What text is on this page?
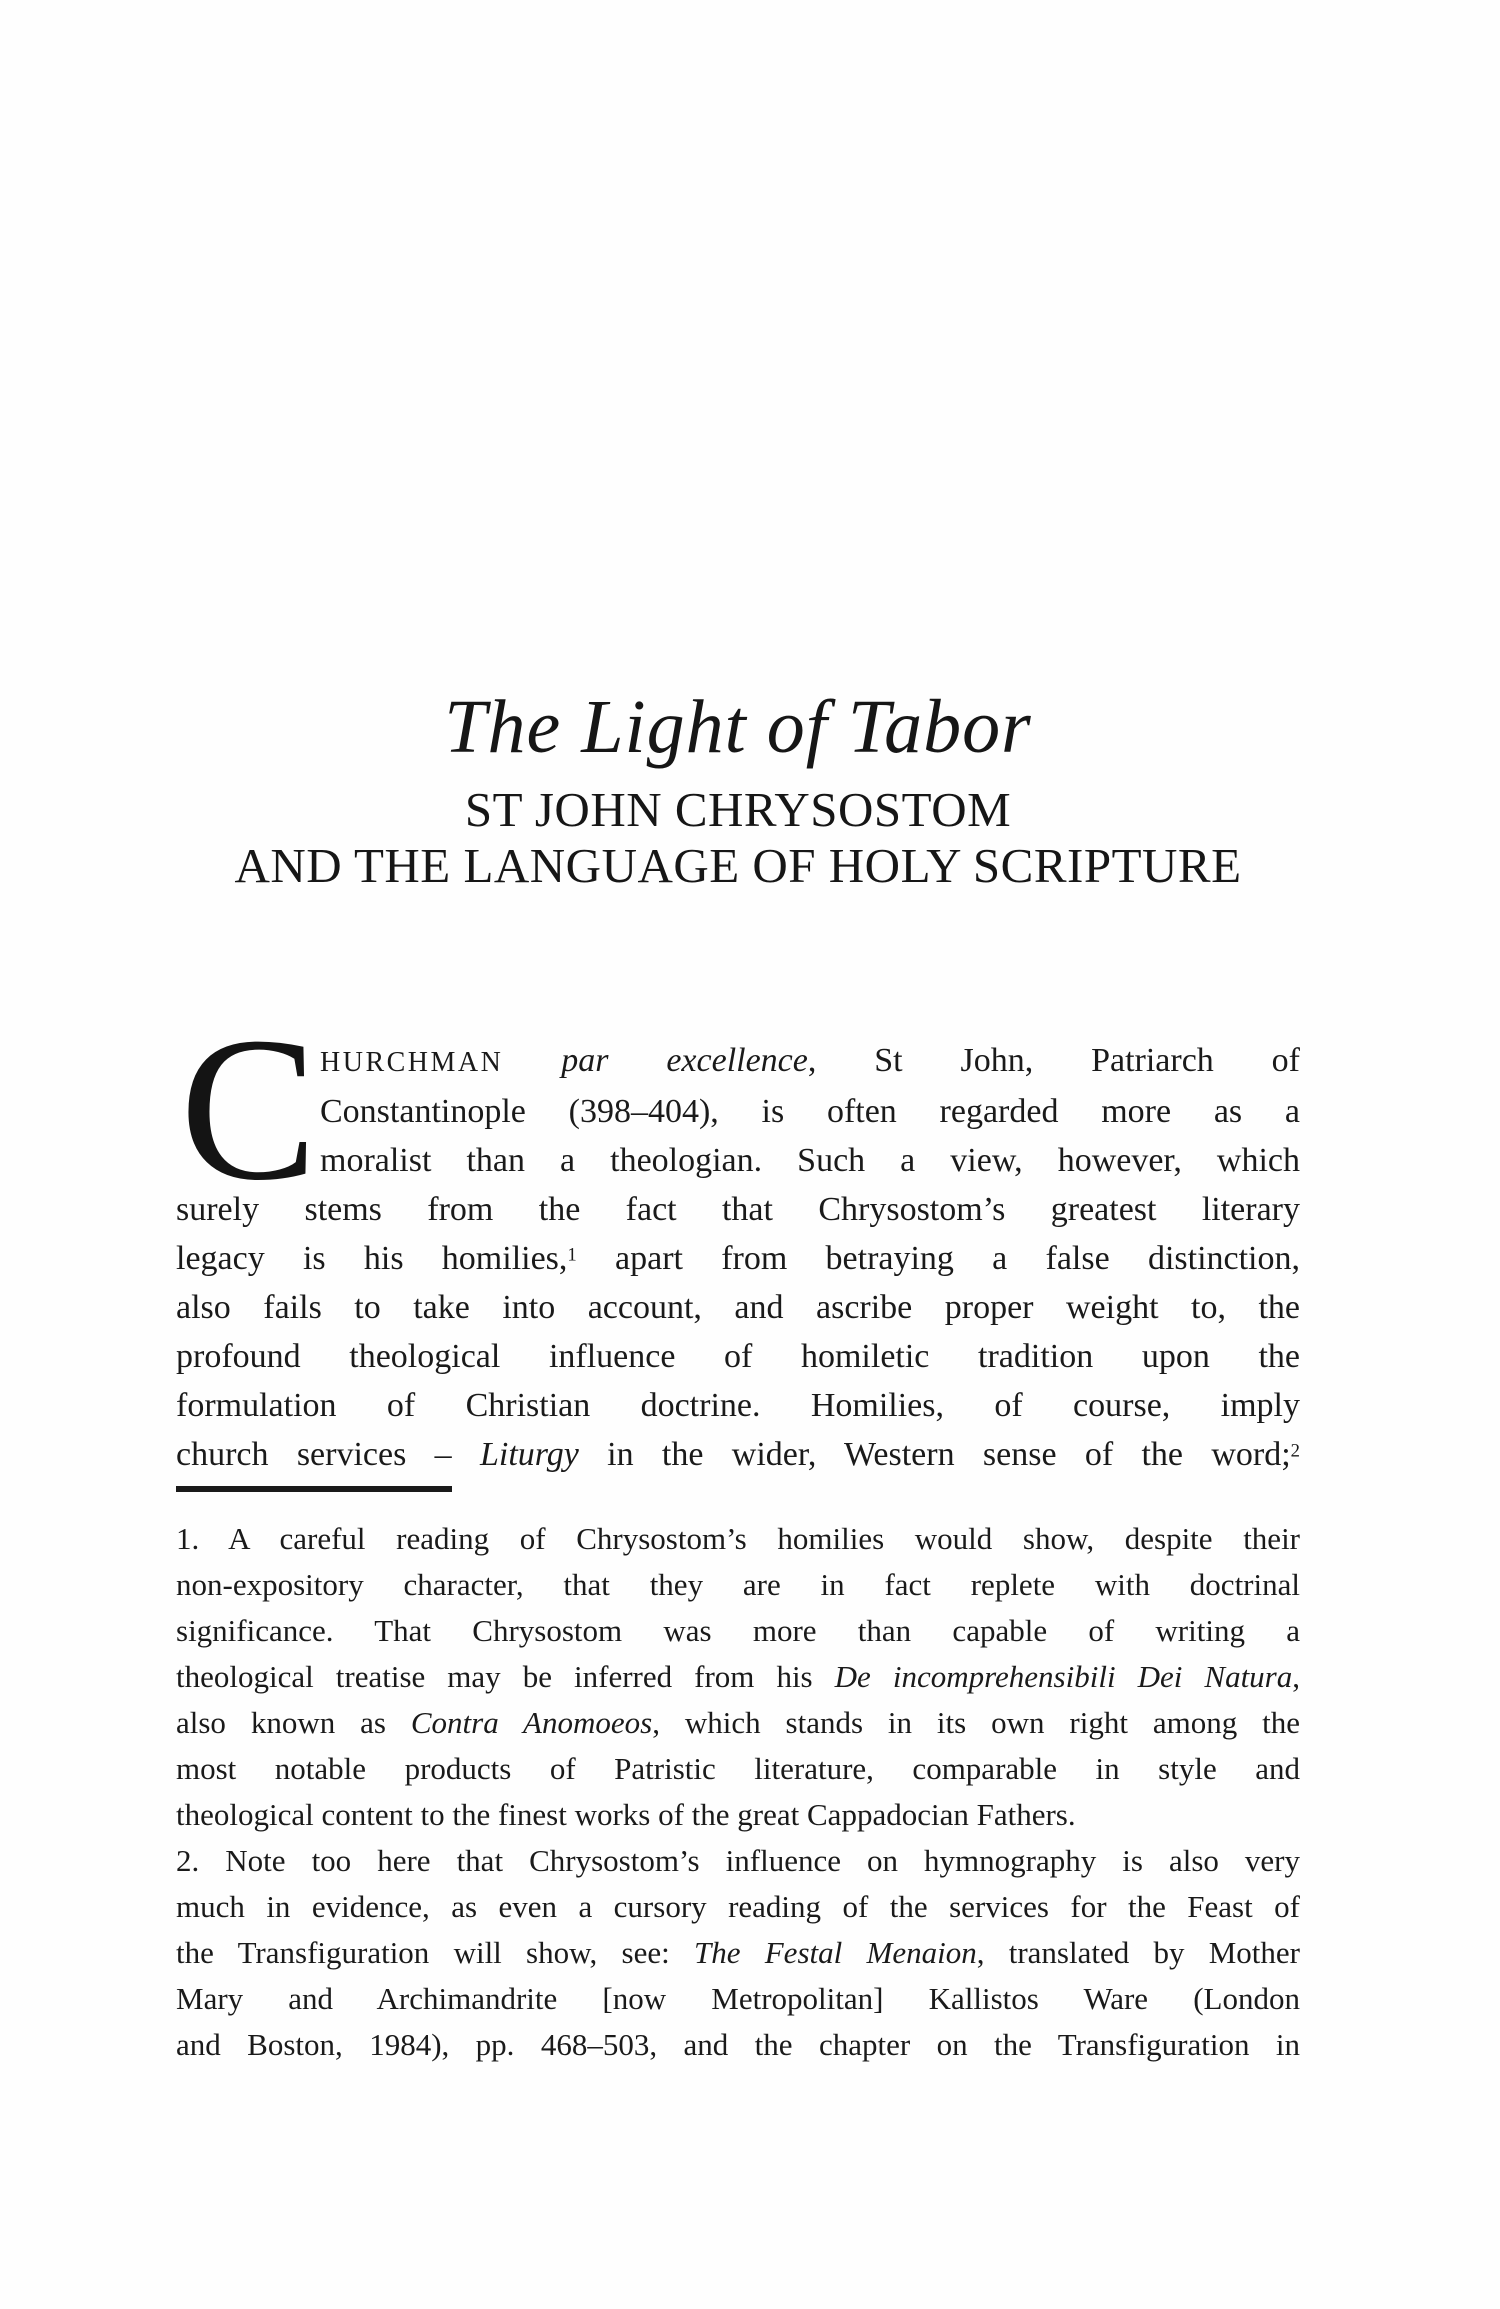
The Light of Tabor
ST JOHN CHRYSOSTOM
AND THE LANGUAGE OF HOLY SCRIPTURE
C HURCHMAN par excellence, St John, Patriarch of
Constantinople (398–404), is often regarded more as a
moralist than a theologian. Such a view, however, which
surely stems from the fact that Chrysostom’s greatest literary
legacy is his homilies,$^1$ apart from betraying a false distinction,
also fails to take into account, and ascribe proper weight to, the
profound theological influence of homiletic tradition upon the
formulation of Christian doctrine. Homilies, of course, imply
church services – Liturgy in the wider, Western sense of the word;$^2$
1. A careful reading of Chrysostom’s homilies would show, despite their
non-expository character, that they are in fact replete with doctrinal
significance. That Chrysostom was more than capable of writing a
theological treatise may be inferred from his De incomprehensibili Dei Natura,
also known as Contra Anomoeos, which stands in its own right among the
most notable products of Patristic literature, comparable in style and
theological content to the finest works of the great Cappadocian Fathers.
2. Note too here that Chrysostom’s influence on hymnography is also very
much in evidence, as even a cursory reading of the services for the Feast of
the Transfiguration will show, see: The Festal Menaion, translated by Mother
Mary and Archimandrite [now Metropolitan] Kallistos Ware (London
and Boston, 1984), pp. 468–503, and the chapter on the Transfiguration in
